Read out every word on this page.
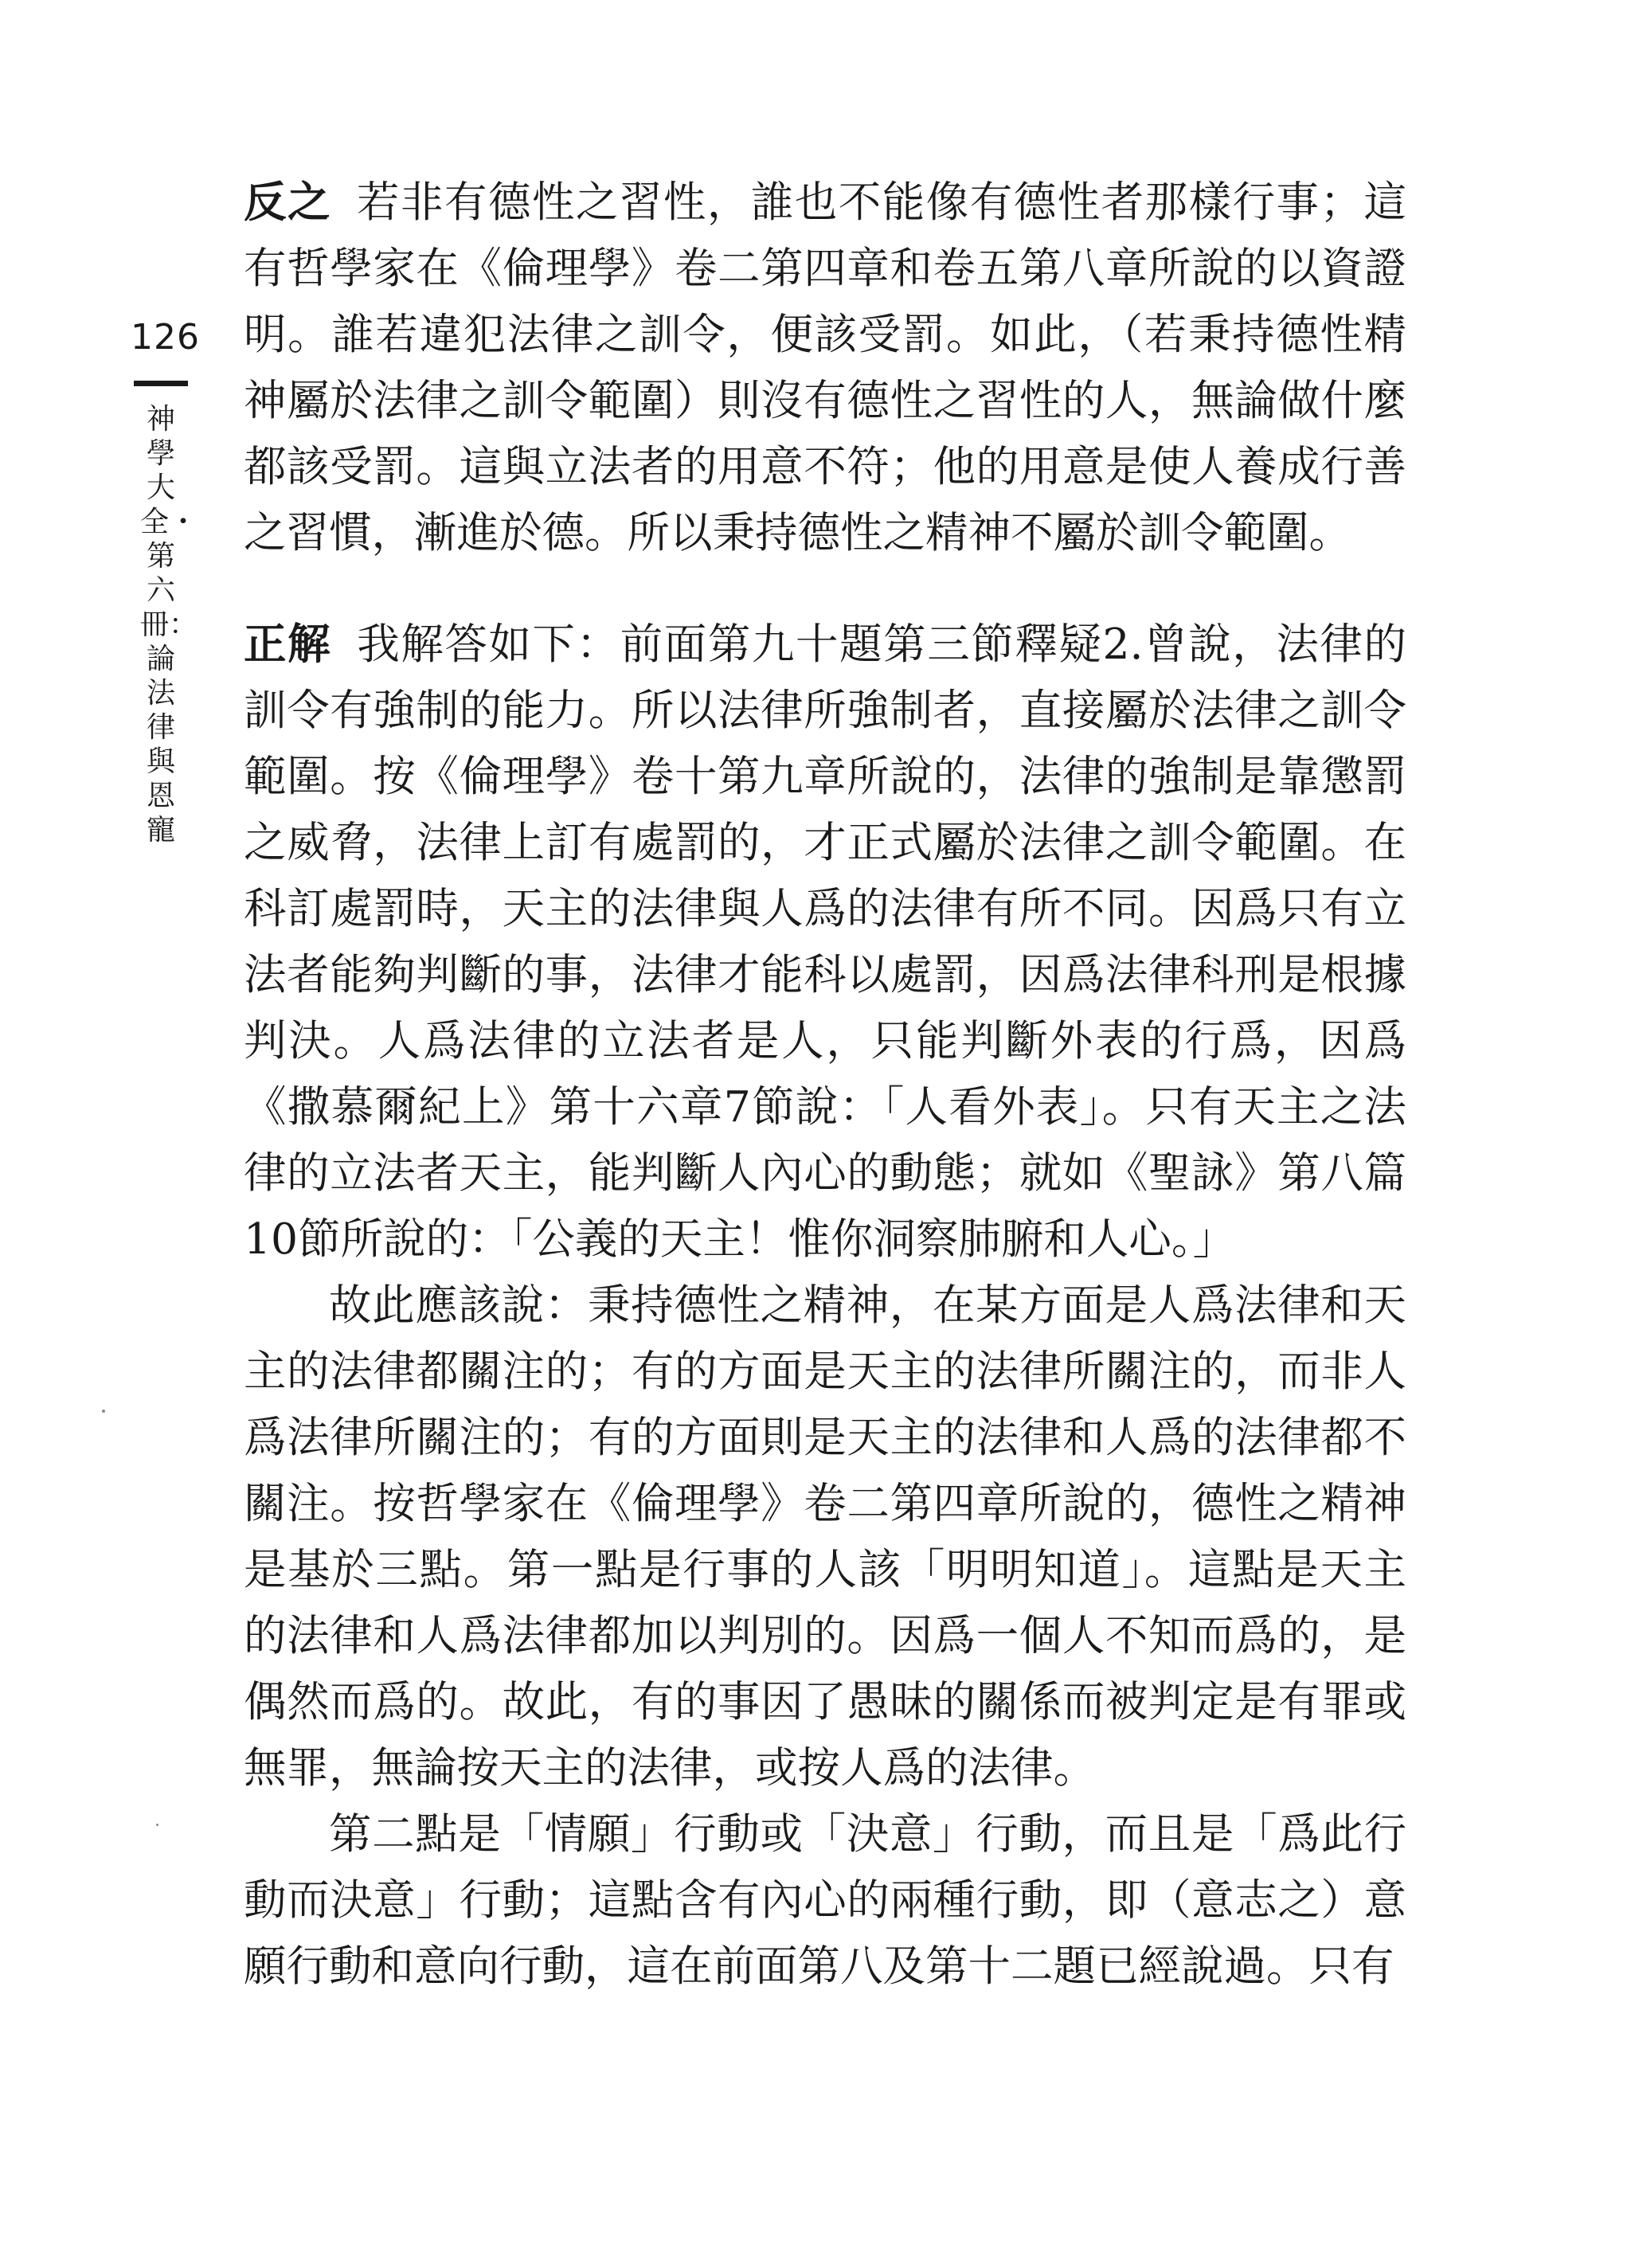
126
神學大全・第六冊：論法律與恩寵

反之 若非有德性之習性，誰也不能像有德性者那樣行事；這有哲學家在《倫理學》卷二第四章和卷五第八章所說的以資證明。誰若違犯法律之訓令，便該受罰。如此，（若秉持德性精神屬於法律之訓令範圍）則沒有德性之習性的人，無論做什麼都該受罰。這與立法者的用意不符；他的用意是使人養成行善之習慣，漸進於德。所以秉持德性之精神不屬於訓令範圍。

正解 我解答如下：前面第九十題第三節釋疑2.曾說，法律的訓令有強制的能力。所以法律所強制者，直接屬於法律之訓令範圍。按《倫理學》卷十第九章所說的，法律的強制是靠懲罰之威脅，法律上訂有處罰的，才正式屬於法律之訓令範圍。在科訂處罰時，天主的法律與人爲的法律有所不同。因爲只有立法者能夠判斷的事，法律才能科以處罰，因爲法律科刑是根據判決。人爲法律的立法者是人，只能判斷外表的行爲，因爲《撒慕爾紀上》第十六章7節說：「人看外表」。只有天主之法律的立法者天主，能判斷人內心的動態；就如《聖詠》第八篇10節所說的：「公義的天主！惟你洞察肺腑和人心。」

故此應該說：秉持德性之精神，在某方面是人爲法律和天主的法律都關注的；有的方面是天主的法律所關注的，而非人爲法律所關注的；有的方面則是天主的法律和人爲的法律都不關注。按哲學家在《倫理學》卷二第四章所說的，德性之精神是基於三點。第一點是行事的人該「明明知道」。這點是天主的法律和人爲法律都加以判別的。因爲一個人不知而爲的，是偶然而爲的。故此，有的事因了愚昧的關係而被判定是有罪或無罪，無論按天主的法律，或按人爲的法律。

第二點是「情願」行動或「決意」行動，而且是「爲此行動而決意」行動；這點含有內心的兩種行動，即（意志之）意願行動和意向行動，這在前面第八及第十二題已經說過。只有
